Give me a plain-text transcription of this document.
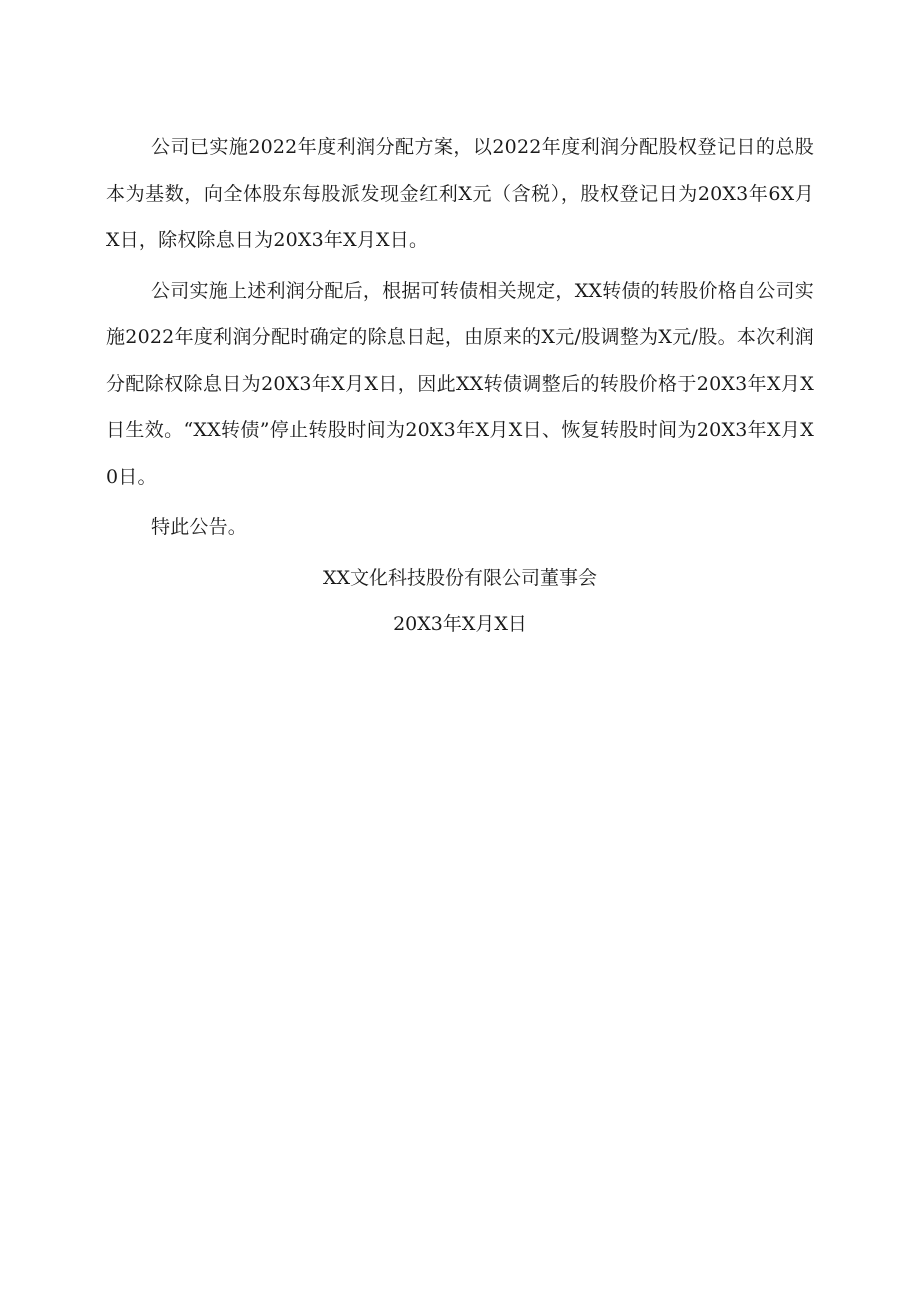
公司已实施2022年度利润分配方案，以2022年度利润分配股权登记日的总股本为基数，向全体股东每股派发现金红利X元（含税），股权登记日为20X3年6X月X日，除权除息日为20X3年X月X日。

公司实施上述利润分配后，根据可转债相关规定，XX转债的转股价格自公司实施2022年度利润分配时确定的除息日起，由原来的X元/股调整为X元/股。本次利润分配除权除息日为20X3年X月X日，因此XX转债调整后的转股价格于20X3年X月X日生效。“XX转债”停止转股时间为20X3年X月X日、恢复转股时间为20X3年X月X0日。

特此公告。

XX文化科技股份有限公司董事会
20X3年X月X日
